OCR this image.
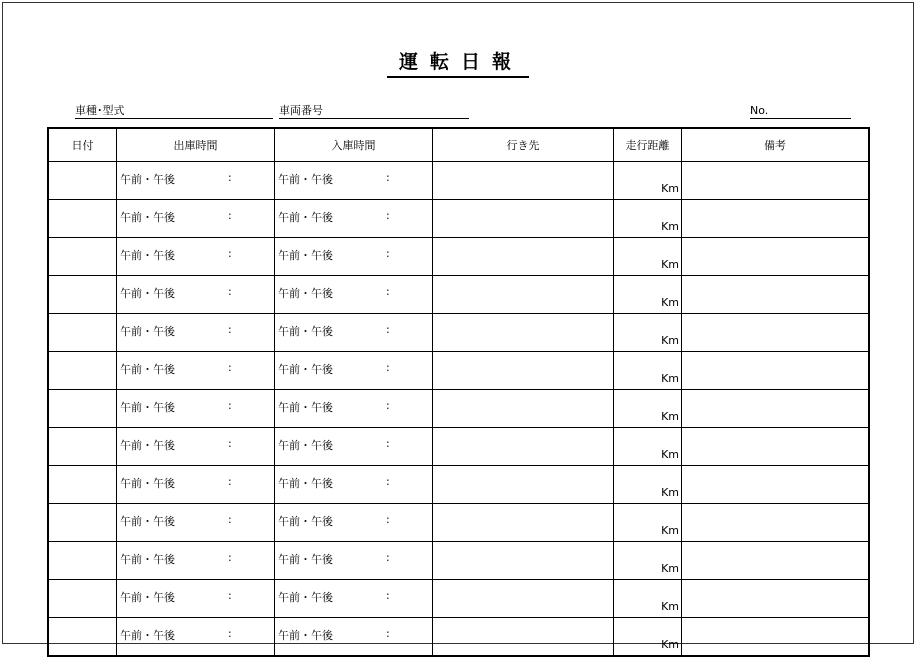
運転日報
車種･型式	車両番号	No.
日付	出庫時間	入庫時間	行き先	走行距離	備考

	午前・午後 :	午前・午後 :		Km	

	午前・午後 :	午前・午後 :		Km	

	午前・午後 :	午前・午後 :		Km	

	午前・午後 :	午前・午後 :		Km	

	午前・午後 :	午前・午後 :		Km	

	午前・午後 :	午前・午後 :		Km	

	午前・午後 :	午前・午後 :		Km	

	午前・午後 :	午前・午後 :		Km	

	午前・午後 :	午前・午後 :		Km	

	午前・午後 :	午前・午後 :		Km	

	午前・午後 :	午前・午後 :		Km	

	午前・午後 :	午前・午後 :		Km	

	午前・午後 :	午前・午後 :		Km	
